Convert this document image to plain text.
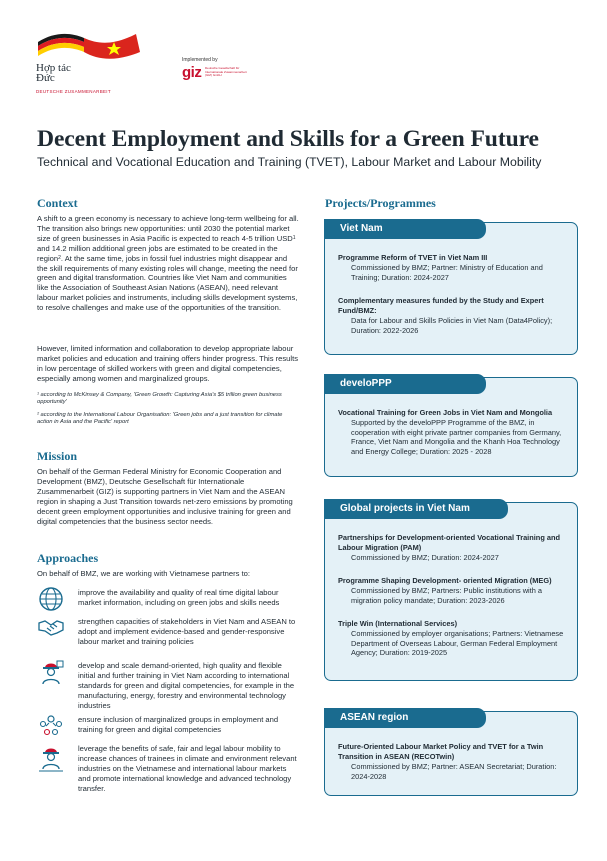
Hợp tác
Đức
DEUTSCHE ZUSAMMENARBEIT
Implemented by
giz Deutsche Gesellschaft für Internationale Zusammenarbeit (GIZ) GmbH
Decent Employment and Skills for a Green Future
Technical and Vocational Education and Training (TVET), Labour Market and Labour Mobility
Context
A shift to a green economy is necessary to achieve long-term wellbeing for all. The transition also brings new opportunities: until 2030 the potential market size of green businesses in Asia Pacific is expected to reach 4-5 trillion USD$^1$ and 14.2 million additional green jobs are estimated to be created in the region$^2$. At the same time, jobs in fossil fuel industries might disappear and the skill requirements of many existing roles will change, meeting the need for green and digital transformation. Countries like Viet Nam and communities like the Association of Southeast Asian Nations (ASEAN), need relevant labour market policies and instruments, including skills development systems, to resolve challenges and make use of the opportunities of the transition.
However, limited information and collaboration to develop appropriate labour market policies and education and training offers hinder progress. This results in low percentage of skilled workers with green and digital competencies, especially among women and marginalized groups.
¹ according to McKinsey & Company, 'Green Growth: Capturing Asia's $5 trillion green business opportunity'
² according to the International Labour Organisation: 'Green jobs and a just transition for climate action in Asia and the Pacific' report
Mission
On behalf of the German Federal Ministry for Economic Cooperation and Development (BMZ), Deutsche Gesellschaft für Internationale Zusammenarbeit (GIZ) is supporting partners in Viet Nam and the ASEAN region in shaping a Just Transition towards net-zero emissions by promoting decent green employment opportunities and inclusive training for green and digital competencies that the business sector needs.
Approaches
On behalf of BMZ, we are working with Vietnamese partners to:
improve the availability and quality of real time digital labour market information, including on green jobs and skills needs
strengthen capacities of stakeholders in Viet Nam and ASEAN to adopt and implement evidence-based and gender-responsive labour market and training policies
develop and scale demand-oriented, high quality and flexible initial and further training in Viet Nam according to international standards for green and digital competencies, for example in the manufacturing, energy, forestry and environmental technology industries
ensure inclusion of marginalized groups in employment and training for green and digital competencies
leverage the benefits of safe, fair and legal labour mobility to increase chances of trainees in climate and environment relevant industries on the Vietnamese and international labour markets and promote international knowledge and advanced technology transfer.
Projects/Programmes
Programme Reform of TVET in Viet Nam III
Commissioned by BMZ; Partner: Ministry of Education and Training; Duration: 2024-2027
Complementary measures funded by the Study and Expert Fund/BMZ:
Data for Labour and Skills Policies in Viet Nam (Data4Policy); Duration: 2022-2026
Viet Nam
Vocational Training for Green Jobs in Viet Nam and Mongolia
Supported by the develoPPP Programme of the BMZ, in cooperation with eight private partner companies from Germany, France, Viet Nam and Mongolia and the Khanh Hoa Technology and Energy College; Duration: 2025 - 2028
develoPPP
Partnerships for Development-oriented Vocational Training and Labour Migration (PAM)
Commissioned by BMZ; Duration: 2024-2027
Programme Shaping Development- oriented Migration (MEG)
Commissioned by BMZ; Partners: Public institutions with a migration policy mandate; Duration: 2023-2026
Triple Win (International Services)
Commissioned by employer organisations; Partners: Vietnamese Department of Overseas Labour, German Federal Employment Agency; Duration: 2019-2025
Global projects in Viet Nam
Future-Oriented Labour Market Policy and TVET for a Twin Transition in ASEAN (RECOTwin)
Commissioned by BMZ; Partner: ASEAN Secretariat; Duration: 2024-2028
ASEAN region
